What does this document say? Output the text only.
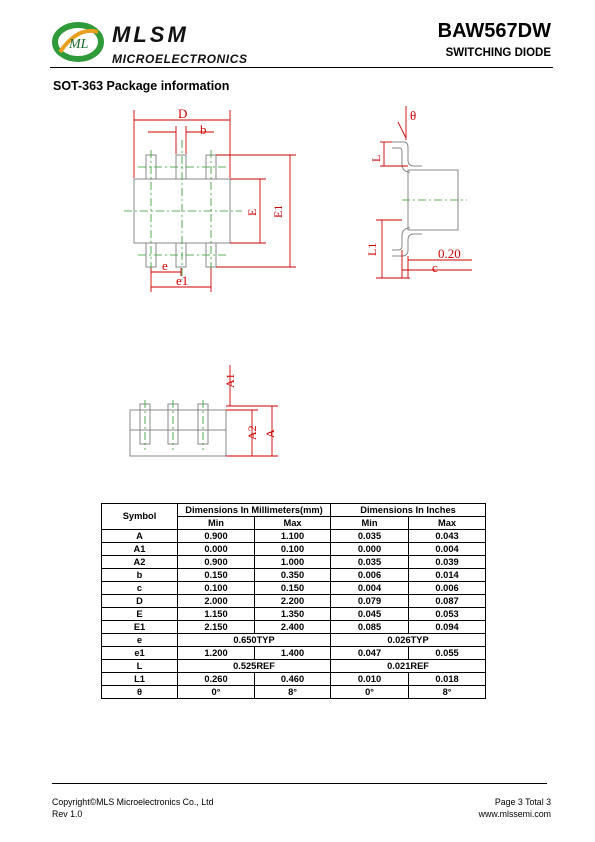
ML MLSM
MICROELECTRONICS
BAW567DW
SWITCHING DIODE
SOT-363 Package information
D
b
E E1
e
e1
θ
L
L1	0.20
c
A1
A2 A
Symbol	Dimensions In Millimeters(mm)		Dimensions In Inches	
	Min	Max	Min	Max
A	0.900	1.100	0.035	0.043
A1	0.000	0.100	0.000	0.004
A2	0.900	1.000	0.035	0.039
b	0.150	0.350	0.006	0.014
c	0.100	0.150	0.004	0.006
D	2.000	2.200	0.079	0.087
E	1.150	1.350	0.045	0.053
E1	2.150	2.400	0.085	0.094
e	0.650TYP		0.026TYP	
e1	1.200	1.400	0.047	0.055
L	0.525REF		0.021REF	
L1	0.260	0.460	0.010	0.018
θ	0°	8°	0°	8°
Copyright©MLS Microelectronics Co., Ltd
Rev 1.0
Page 3 Total 3
www.mlssemi.com
